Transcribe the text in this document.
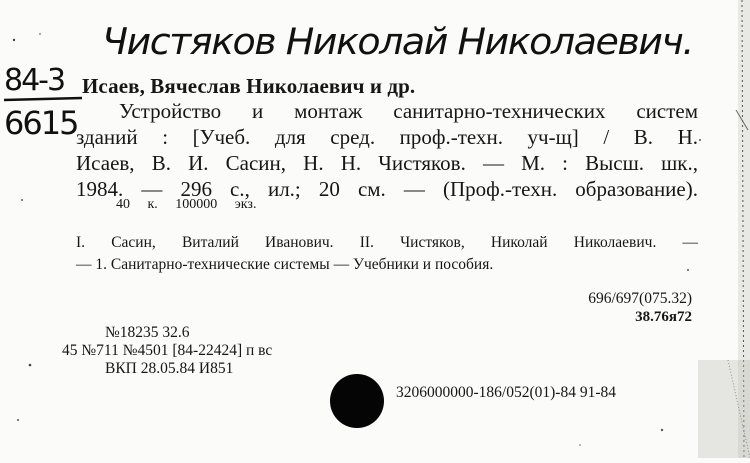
Чистяков Николай Николаевич.
84-3
6615
Исаев, Вячеслав Николаевич и др.
Устройство и монтаж санитарно-технических систем
зданий : [Учеб. для сред. проф.-техн. уч-щ] / В. Н.
Исаев, В. И. Сасин, Н. Н. Чистяков. — М. : Высш. шк.,
1984. — 296 с., ил.; 20 см. — (Проф.-техн. образование).
40 к. 100000 экз.
I. Сасин, Виталий Иванович. II. Чистяков, Николай Николаевич. —
— 1. Санитарно-технические системы — Учебники и пособия.
696/697(075.32)
38.76я72
№18235 32.6
45 №711 №4501 [84-22424] п вс
ВКП 28.05.84 И851
3206000000-186/052(01)-84 91-84
